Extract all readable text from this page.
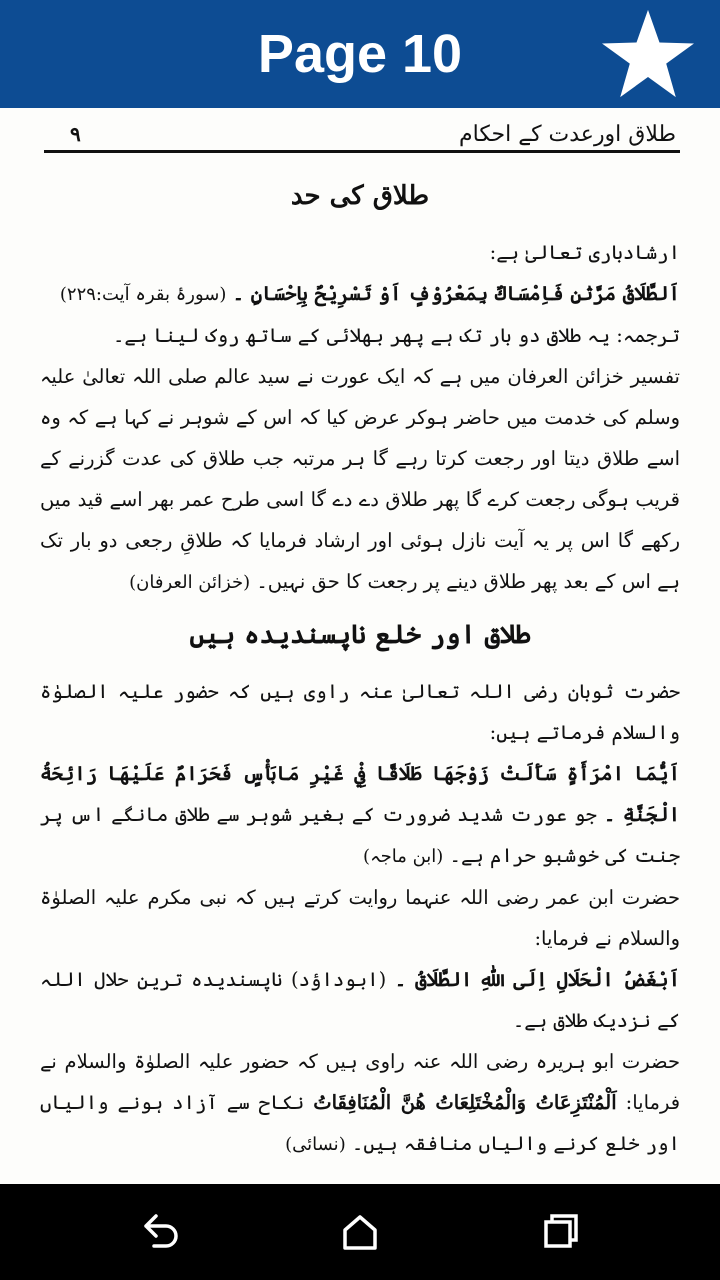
Page 10
۹	طلاق اورعدت کے احکام
طلاق کی حد

ارشادباری تعالیٰ ہے:

اَلطَّلَاقُ مَرَّتٰنِ فَاِمْسَاكٌ بِمَعْرُوْفٍ اَوْ تَسْرِيْحٌ بِاِحْسَانٍ ۔ (سورۂ بقرہ آیت:۲۲۹)

ترجمہ: یہ طلاق دو بار تک ہے پھر بھلائی کے ساتھ روک لینا ہے۔

تفسیر خزائن العرفان میں ہے کہ ایک عورت نے سید عالم صلی اللہ تعالیٰ علیہ وسلم کی خدمت میں حاضر ہوکر عرض کیا کہ اس کے شوہر نے کہا ہے کہ وہ اسے طلاق دیتا اور رجعت کرتا رہے گا ہر مرتبہ جب طلاق کی عدت گزرنے کے قریب ہوگی رجعت کرے گا پھر طلاق دے دے گا اسی طرح عمر بھر اسے قید میں رکھے گا اس پر یہ آیت نازل ہوئی اور ارشاد فرمایا کہ طلاقِ رجعی دو بار تک ہے اس کے بعد پھر طلاق دینے پر رجعت کا حق نہیں۔ (خزائن العرفان)

طلاق اور خلع ناپسندیدہ ہیں

حضرت ثوبان رضی اللہ تعالیٰ عنہ راوی ہیں کہ حضور علیہ الصلوٰۃ والسلام فرماتے ہیں:

اَيُّمَا امْرَأَةٍ سَأَلَتْ زَوْجَهَا طَلَاقًا فِيْ غَيْرِ مَابَأْسٍ فَحَرَامٌ عَلَيْهَا رَائِحَةُ الْجَنَّةِ ۔ جو عورت شدید ضرورت کے بغیر شوہر سے طلاق مانگے اس پر جنت کی خوشبو حرام ہے۔ (ابن ماجہ)

حضرت ابن عمر رضی اللہ عنہما روایت کرتے ہیں کہ نبی مکرم علیہ الصلوٰۃ والسلام نے فرمایا:

اَبْغَضُ الْحَلَالِ اِلَى اللّٰهِ الطَّلَاقُ ۔ (ابوداؤد) ناپسندیدہ ترین حلال اللہ کے نزدیک طلاق ہے۔

حضرت ابو ہریرہ رضی اللہ عنہ راوی ہیں کہ حضور علیہ الصلوٰۃ والسلام نے فرمایا: اَلْمُنْتَزِعَاتُ وَالْمُخْتَلِعَاتُ هُنَّ الْمُنَافِقَاتُ نکاح سے آزاد ہونے والیاں اور خلع کرنے والیاں منافقہ ہیں۔ (نسائی)
